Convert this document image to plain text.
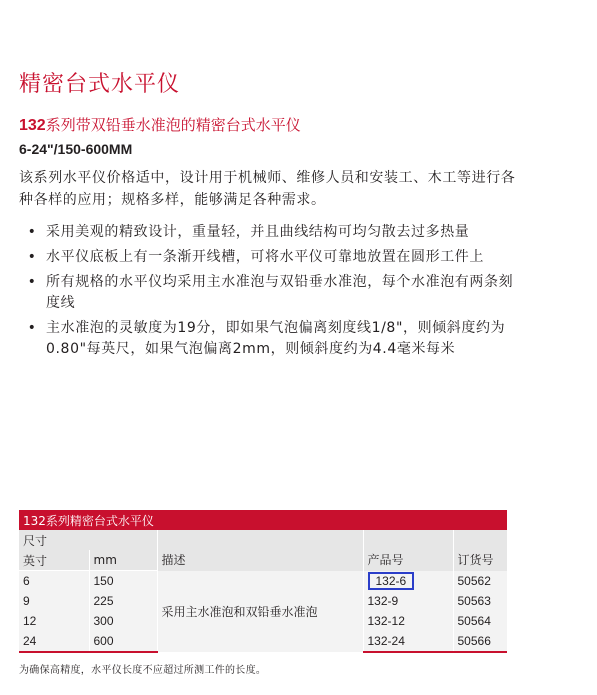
精密台式水平仪
132系列带双铅垂水准泡的精密台式水平仪
6-24"/150-600MM
该系列水平仪价格适中，设计用于机械师、维修人员和安装工、木工等进行各种各样的应用；规格多样，能够满足各种需求。
• 采用美观的精致设计，重量轻，并且曲线结构可均匀散去过多热量
• 水平仪底板上有一条渐开线槽，可将水平仪可靠地放置在圆形工件上
• 所有规格的水平仪均采用主水准泡与双铅垂水准泡，每个水准泡有两条刻度线
• 主水准泡的灵敏度为19分，即如果气泡偏离刻度线1/8"，则倾斜度约为0.80"每英尺，如果气泡偏离2mm，则倾斜度约为4.4毫米每米
132系列精密台式水平仪				
尺寸		描述	产品号	订货号
英寸	mm			
6	150	采用主水准泡和双铅垂水准泡	132-6	50562
9	225		132-9	50563
12	300		132-12	50564
24	600		132-24	50566
为确保高精度，水平仪长度不应超过所测工件的长度。
